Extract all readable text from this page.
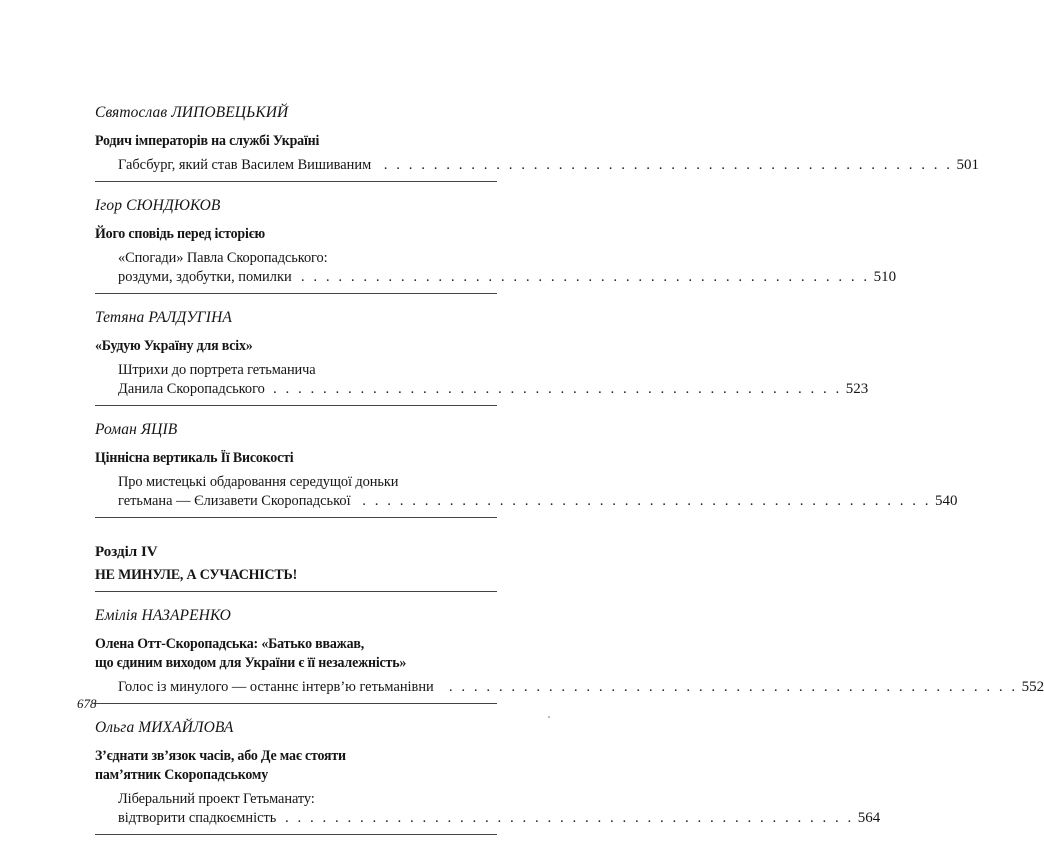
Святослав ЛИПОВЕЦЬКИЙ
Родич імператорів на службі Україні
Габсбург, який став Василем Вишиваним . . . . . . . . . . . . . . . . . . . . . . . . . . . . . . . . . . . . . . . . . . . . . . 501
Ігор СЮНДЮКОВ
Його сповідь перед історією
«Спогади» Павла Скоропадського:
роздуми, здобутки, помилки . . . . . . . . . . . . . . . . . . . . . . . . . . . . . . . . . . . . . . . . . . . . . . 510
Тетяна РАЛДУГІНА
«Будую Україну для всіх»
Штрихи до портрета гетьманича
Данила Скоропадського . . . . . . . . . . . . . . . . . . . . . . . . . . . . . . . . . . . . . . . . . . . . . . 523
Роман ЯЦІВ
Ціннісна вертикаль Її Високості
Про мистецькі обдаровання середущої доньки
гетьмана — Єлизавети Скоропадської . . . . . . . . . . . . . . . . . . . . . . . . . . . . . . . . . . . . . . . . . . . . . . 540
Розділ IV
НЕ МИНУЛЕ, А СУЧАСНІСТЬ!
Емілія НАЗАРЕНКО
Олена Отт-Скоропадська: «Батько вважав,
що єдиним виходом для України є її незалежність»
Голос із минулого — останнє інтерв’ю гетьманівни . . . . . . . . . . . . . . . . . . . . . . . . . . . . . . . . . . . . . . . . . . . . . . 552
Ольга МИХАЙЛОВА
З’єднати зв’язок часів, або Де має стояти
пам’ятник Скоропадському
Ліберальний проект Гетьманату:
відтворити спадкоємність . . . . . . . . . . . . . . . . . . . . . . . . . . . . . . . . . . . . . . . . . . . . . . 564
678
